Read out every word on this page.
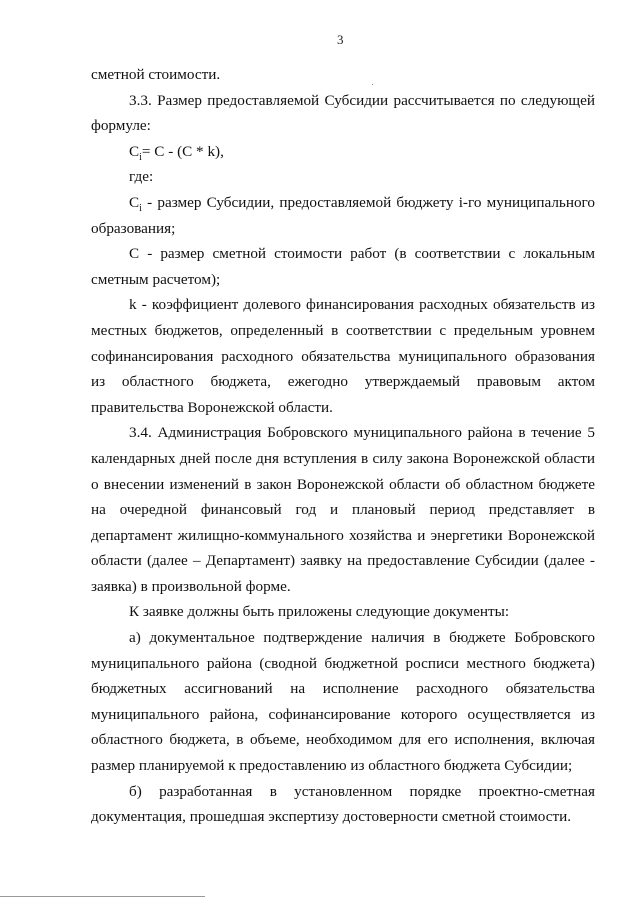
3

сметной стоимости.

3.3. Размер предоставляемой Субсидии рассчитывается по следующей формуле:

$C_i= C - (C * k)$,

где:

$C_i$ - размер Субсидии, предоставляемой бюджету i-го муниципального образования;

С - размер сметной стоимости работ (в соответствии с локальным сметным расчетом);

k - коэффициент долевого финансирования расходных обязательств из местных бюджетов, определенный в соответствии с предельным уровнем софинансирования расходного обязательства муниципального образования из областного бюджета, ежегодно утверждаемый правовым актом правительства Воронежской области.

3.4. Администрация Бобровского муниципального района в течение 5 календарных дней после дня вступления в силу закона Воронежской области о внесении изменений в закон Воронежской области об областном бюджете на очередной финансовый год и плановый период представляет в департамент жилищно-коммунального хозяйства и энергетики Воронежской области (далее – Департамент) заявку на предоставление Субсидии (далее - заявка) в произвольной форме.

К заявке должны быть приложены следующие документы:

а) документальное подтверждение наличия в бюджете Бобровского муниципального района (сводной бюджетной росписи местного бюджета) бюджетных ассигнований на исполнение расходного обязательства муниципального района, софинансирование которого осуществляется из областного бюджета, в объеме, необходимом для его исполнения, включая размер планируемой к предоставлению из областного бюджета Субсидии;

б) разработанная в установленном порядке проектно-сметная документация, прошедшая экспертизу достоверности сметной стоимости.
